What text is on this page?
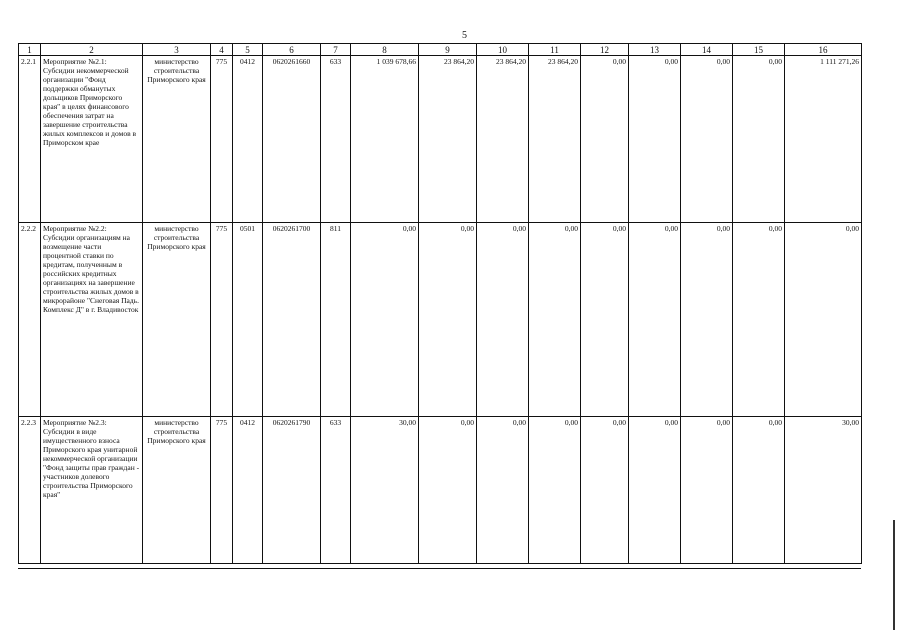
5
1	2	3	4	5	6	7	8	9	10	11	12	13	14	15	16
2.2.1	Мероприятие №2.1: Субсидии некоммерческой организации "Фонд поддержки обманутых дольщиков Приморского края" в целях финансового обеспечения затрат на завершение строительства жилых комплексов и домов в Приморском крае	министерство строительства Приморского края	775	0412	0620261660	633	1 039 678,66	23 864,20	23 864,20	23 864,20	0,00	0,00	0,00	0,00	1 111 271,26
2.2.2	Мероприятие №2.2: Субсидии организациям на возмещение части процентной ставки по кредитам, полученным в российских кредитных организациях на завершение строительства жилых домов в микрорайоне "Снеговая Падь. Комплекс Д" в г. Владивосток	министерство строительства Приморского края	775	0501	0620261700	811	0,00	0,00	0,00	0,00	0,00	0,00	0,00	0,00	0,00
2.2.3	Мероприятие №2.3: Субсидии в виде имущественного взноса Приморского края унитарной некоммерческой организации "Фонд защиты прав граждан - участников долевого строительства Приморского края"	министерство строительства Приморского края	775	0412	0620261790	633	30,00	0,00	0,00	0,00	0,00	0,00	0,00	0,00	30,00
